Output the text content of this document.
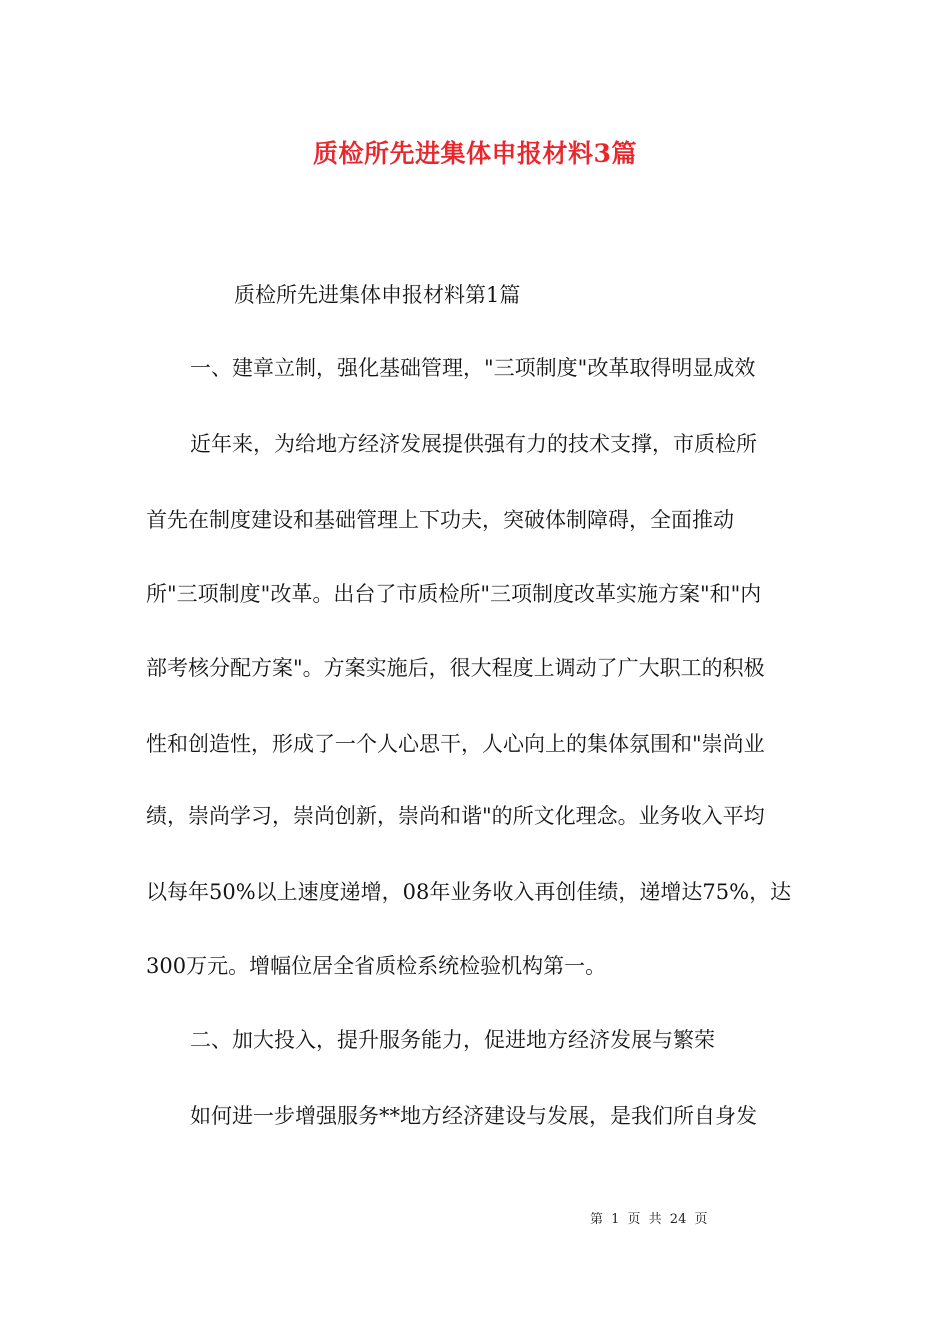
质检所先进集体申报材料3篇
质检所先进集体申报材料第1篇
一、建章立制，强化基础管理，"三项制度"改革取得明显成效
近年来，为给地方经济发展提供强有力的技术支撑，市质检所
首先在制度建设和基础管理上下功夫，突破体制障碍，全面推动
所"三项制度"改革。出台了市质检所"三项制度改革实施方案"和"内
部考核分配方案"。方案实施后，很大程度上调动了广大职工的积极
性和创造性，形成了一个人心思干，人心向上的集体氛围和"崇尚业
绩，崇尚学习，崇尚创新，崇尚和谐"的所文化理念。业务收入平均
以每年50%以上速度递增，08年业务收入再创佳绩，递增达75%，达
300万元。增幅位居全省质检系统检验机构第一。
二、加大投入，提升服务能力，促进地方经济发展与繁荣
如何进一步增强服务**地方经济建设与发展，是我们所自身发
第 1 页 共 24 页
